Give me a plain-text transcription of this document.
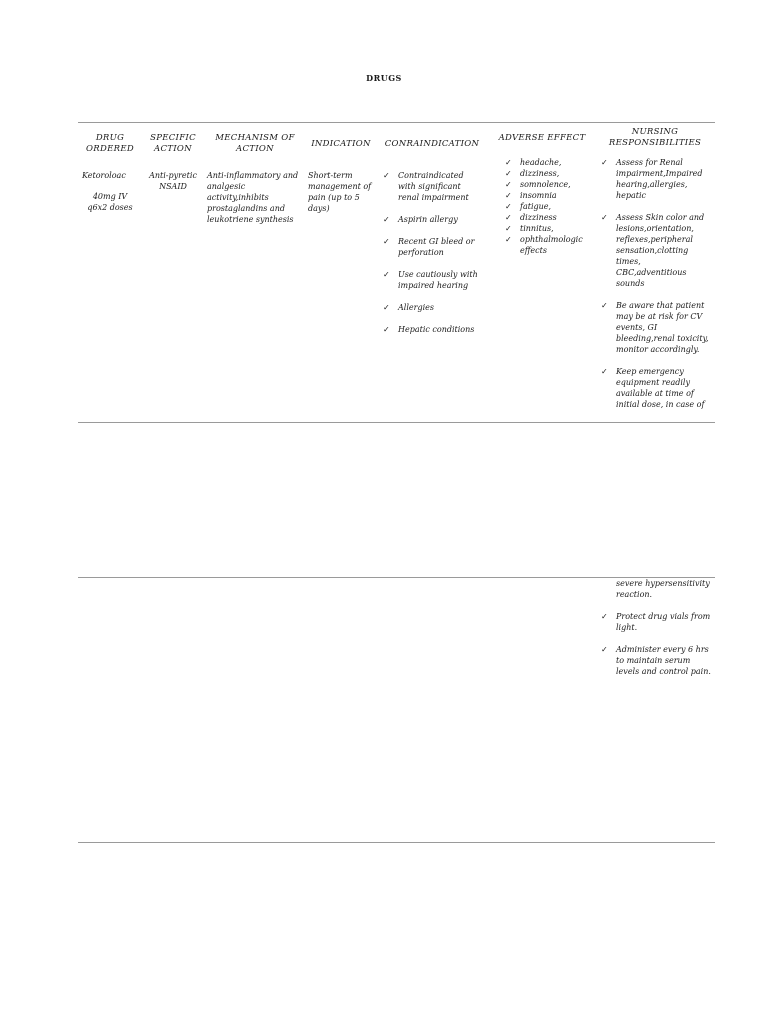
DRUGS
DRUG ORDERED
SPECIFIC ACTION
MECHANISM OF ACTION	INDICATION	CONRAINDICATION
ADVERSE EFFECT
NURSING RESPONSIBILITIES

Ketoroloac

40mg IV q6x2 doses

Anti-pyretic NSAID
Anti-inflammatory and analgesic activity,inhibits prostaglandins and leukotriene synthesis
Short-term management of pain (up to 5 days)
✓ Contraindicated with significant renal impairment
✓ Aspirin allergy
✓ Recent GI bleed or perforation
✓ Use cautiously with impaired hearing
✓ Allergies
✓ Hepatic conditions
✓ headache,
✓ dizziness,
✓ somnolence,
✓ insomnia
✓ fatigue,
✓ dizziness
✓ tinnitus,
✓ ophthalmologic effects
✓ Assess for Renal impairment,Impaired hearing,allergies, hepatic
✓ Assess Skin color and lesions,orientation, reflexes,peripheral sensation,clotting times, CBC,adventitious sounds
✓ Be aware that patient may be at risk for CV events, GI bleeding,renal toxicity, monitor accordingly.
✓ Keep emergency equipment readily available at time of initial dose, in case of
severe hypersensitivity reaction.
✓ Protect drug vials from light.
✓ Administer every 6 hrs to maintain serum levels and control pain.
